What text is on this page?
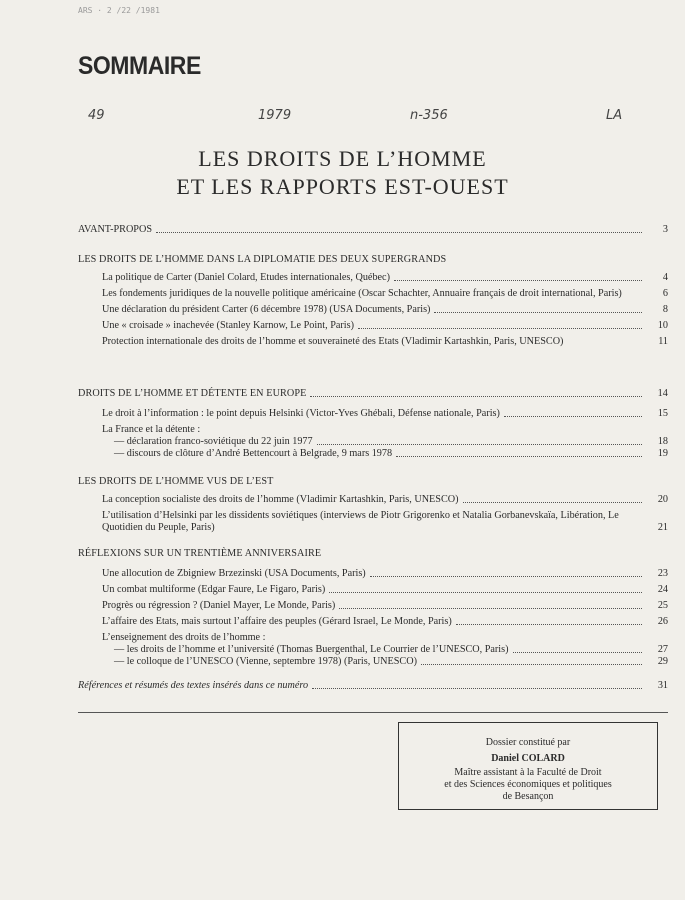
ARS · 2 /22 /1981
SOMMAIRE
49	1979	n-356	LA
LES DROITS DE L’HOMME
ET LES RAPPORTS EST-OUEST
AVANT-PROPOS	3
LES DROITS DE L’HOMME DANS LA DIPLOMATIE DES DEUX SUPERGRANDS
La politique de Carter (Daniel Colard, Etudes internationales, Québec)	4
Les fondements juridiques de la nouvelle politique américaine (Oscar Schachter, Annuaire français de droit international, Paris)	6
Une déclaration du président Carter (6 décembre 1978) (USA Documents, Paris)	8
Une « croisade » inachevée (Stanley Karnow, Le Point, Paris)	10
Protection internationale des droits de l’homme et souveraineté des Etats (Vladimir Kartashkin, Paris, UNESCO)	11
DROITS DE L’HOMME ET DÉTENTE EN EUROPE	14
Le droit à l’information : le point depuis Helsinki (Victor-Yves Ghébali, Défense nationale, Paris)	15
La France et la détente :
— déclaration franco-soviétique du 22 juin 1977	18
— discours de clôture d’André Bettencourt à Belgrade, 9 mars 1978	19
LES DROITS DE L’HOMME VUS DE L’EST
La conception socialiste des droits de l’homme (Vladimir Kartashkin, Paris, UNESCO)	20
L’utilisation d’Helsinki par les dissidents soviétiques (interviews de Piotr Grigorenko et Natalia Gorbanevskaïa, Libération, Le Quotidien du Peuple, Paris)	21
RÉFLEXIONS SUR UN TRENTIÈME ANNIVERSAIRE
Une allocution de Zbigniew Brzezinski (USA Documents, Paris)	23
Un combat multiforme (Edgar Faure, Le Figaro, Paris)	24
Progrès ou régression ? (Daniel Mayer, Le Monde, Paris)	25
L’affaire des Etats, mais surtout l’affaire des peuples (Gérard Israel, Le Monde, Paris)	26
L’enseignement des droits de l’homme :
— les droits de l’homme et l’université (Thomas Buergenthal, Le Courrier de l’UNESCO, Paris)	27
— le colloque de l’UNESCO (Vienne, septembre 1978) (Paris, UNESCO)	29
Références et résumés des textes insérés dans ce numéro	31
Dossier constitué par
Daniel COLARD
Maître assistant à la Faculté de Droit
et des Sciences économiques et politiques
de Besançon
